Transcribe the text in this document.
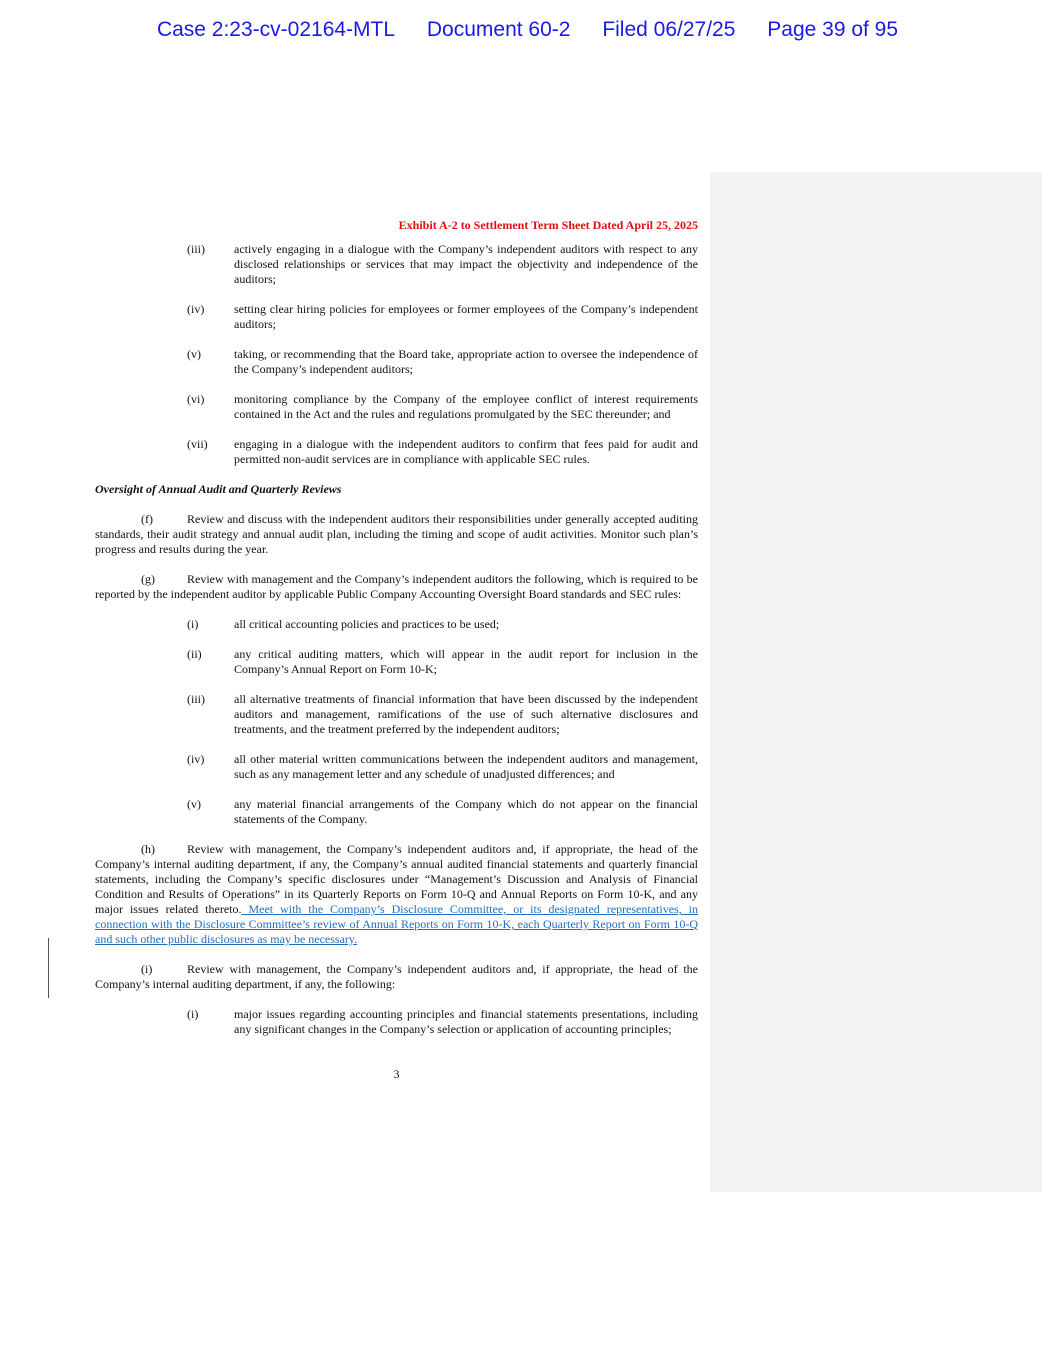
Case 2:23-cv-02164-MTL Document 60-2 Filed 06/27/25 Page 39 of 95
Exhibit A-2 to Settlement Term Sheet Dated April 25, 2025
(iii)	actively engaging in a dialogue with the Company’s independent auditors with respect to any disclosed relationships or services that may impact the objectivity and independence of the auditors;
(iv)	setting clear hiring policies for employees or former employees of the Company’s independent auditors;
(v)	taking, or recommending that the Board take, appropriate action to oversee the independence of the Company’s independent auditors;
(vi)	monitoring compliance by the Company of the employee conflict of interest requirements contained in the Act and the rules and regulations promulgated by the SEC thereunder; and
(vii)	engaging in a dialogue with the independent auditors to confirm that fees paid for audit and permitted non-audit services are in compliance with applicable SEC rules.
Oversight of Annual Audit and Quarterly Reviews
(f)	Review and discuss with the independent auditors their responsibilities under generally accepted auditing standards, their audit strategy and annual audit plan, including the timing and scope of audit activities. Monitor such plan’s progress and results during the year.
(g)	Review with management and the Company’s independent auditors the following, which is required to be reported by the independent auditor by applicable Public Company Accounting Oversight Board standards and SEC rules:
(i)	all critical accounting policies and practices to be used;
(ii)	any critical auditing matters, which will appear in the audit report for inclusion in the Company’s Annual Report on Form 10-K;
(iii)	all alternative treatments of financial information that have been discussed by the independent auditors and management, ramifications of the use of such alternative disclosures and treatments, and the treatment preferred by the independent auditors;
(iv)	all other material written communications between the independent auditors and management, such as any management letter and any schedule of unadjusted differences; and
(v)	any material financial arrangements of the Company which do not appear on the financial statements of the Company.
(h)	Review with management, the Company’s independent auditors and, if appropriate, the head of the Company’s internal auditing department, if any, the Company’s annual audited financial statements and quarterly financial statements, including the Company’s specific disclosures under “Management’s Discussion and Analysis of Financial Condition and Results of Operations” in its Quarterly Reports on Form 10-Q and Annual Reports on Form 10-K, and any major issues related thereto. Meet with the Company’s Disclosure Committee, or its designated representatives, in connection with the Disclosure Committee’s review of Annual Reports on Form 10-K, each Quarterly Report on Form 10-Q and such other public disclosures as may be necessary.
(i)	Review with management, the Company’s independent auditors and, if appropriate, the head of the Company’s internal auditing department, if any, the following:
(i)	major issues regarding accounting principles and financial statements presentations, including any significant changes in the Company’s selection or application of accounting principles;
3
